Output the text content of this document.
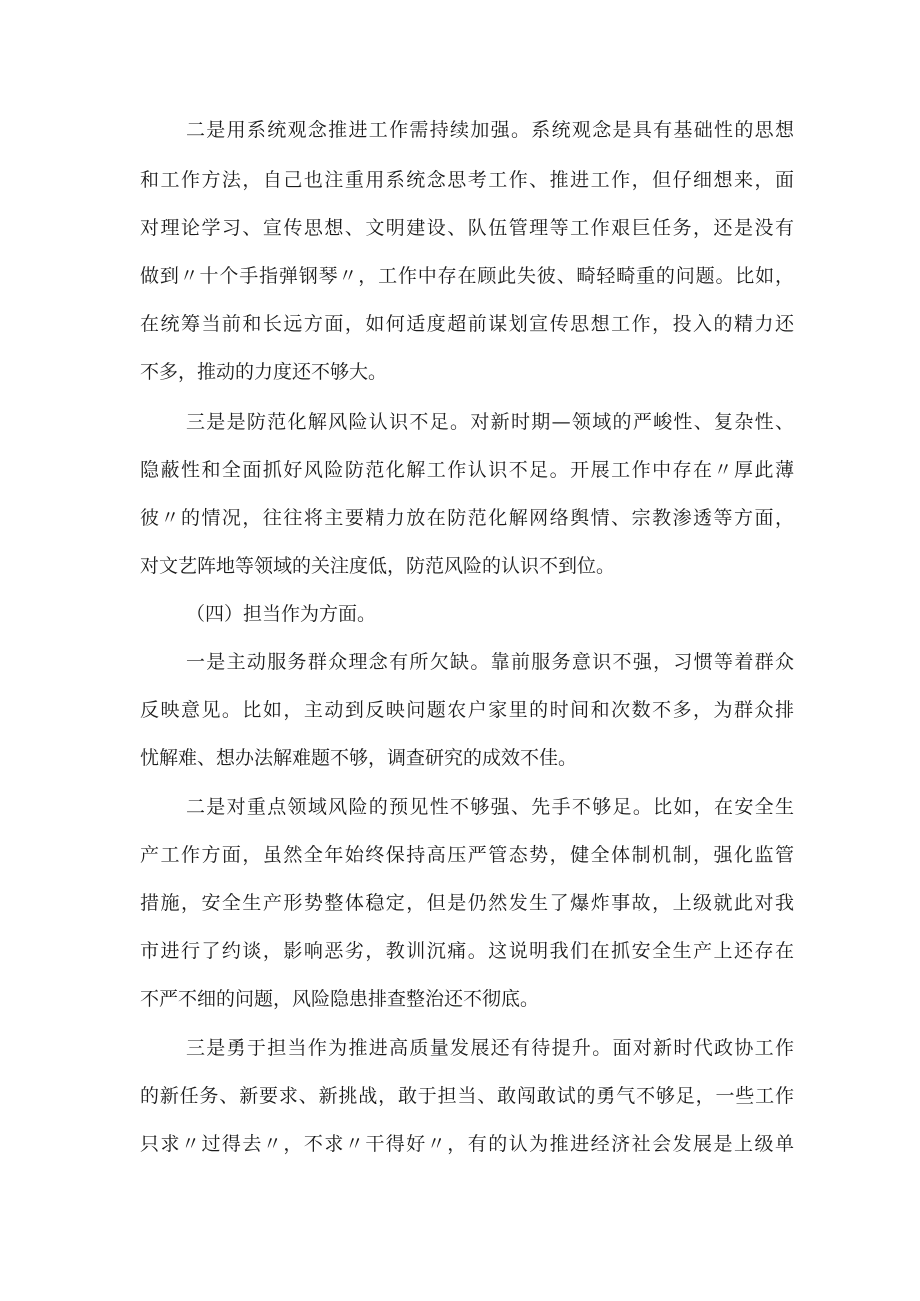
二是用系统观念推进工作需持续加强。系统观念是具有基础性的思想
和工作方法，自己也注重用系统念思考工作、推进工作，但仔细想来，面
对理论学习、宣传思想、文明建设、队伍管理等工作艰巨任务，还是没有
做到〃十个手指弹钢琴〃，工作中存在顾此失彼、畸轻畸重的问题。比如，
在统筹当前和长远方面，如何适度超前谋划宣传思想工作，投入的精力还
不多，推动的力度还不够大。
三是是防范化解风险认识不足。对新时期—领域的严峻性、复杂性、
隐蔽性和全面抓好风险防范化解工作认识不足。开展工作中存在〃厚此薄
彼〃的情况，往往将主要精力放在防范化解网络舆情、宗教渗透等方面，
对文艺阵地等领域的关注度低，防范风险的认识不到位。
（四）担当作为方面。
一是主动服务群众理念有所欠缺。靠前服务意识不强，习惯等着群众
反映意见。比如，主动到反映问题农户家里的时间和次数不多，为群众排
忧解难、想办法解难题不够，调查研究的成效不佳。
二是对重点领域风险的预见性不够强、先手不够足。比如，在安全生
产工作方面，虽然全年始终保持高压严管态势，健全体制机制，强化监管
措施，安全生产形势整体稳定，但是仍然发生了爆炸事故，上级就此对我
市进行了约谈，影响恶劣，教训沉痛。这说明我们在抓安全生产上还存在
不严不细的问题，风险隐患排查整治还不彻底。
三是勇于担当作为推进高质量发展还有待提升。面对新时代政协工作
的新任务、新要求、新挑战，敢于担当、敢闯敢试的勇气不够足，一些工作
只求〃过得去〃，不求〃干得好〃，有的认为推进经济社会发展是上级单
